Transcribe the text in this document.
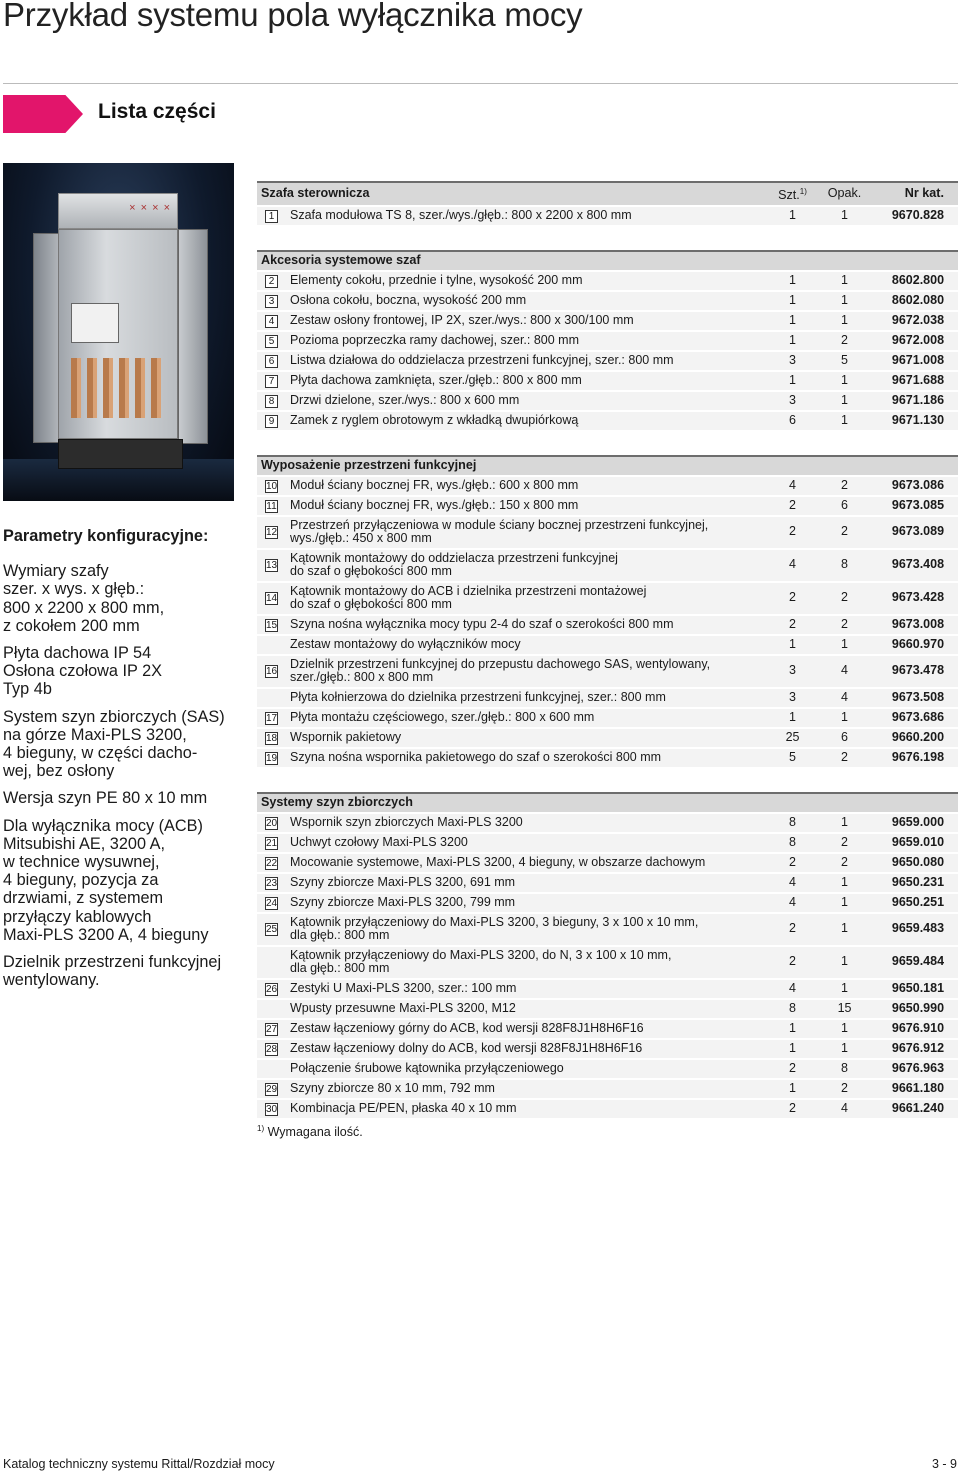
Przykład systemu pola wyłącznika mocy
Lista części
× × × ×
Parametry konfiguracyjne:

Wymiary szafy
szer. x wys. x głęb.:
800 x 2200 x 800 mm,
z cokołem 200 mm

Płyta dachowa IP 54
Osłona czołowa IP 2X
Typ 4b

System szyn zbiorczych (SAS)
na górze Maxi-PLS 3200,
4 bieguny, w części dacho-
wej, bez osłony

Wersja szyn PE 80 x 10 mm

Dla wyłącznika mocy (ACB)
Mitsubishi AE, 3200 A,
w technice wysuwnej,
4 bieguny, pozycja za
drzwiami, z systemem
przyłączy kablowych
Maxi-PLS 3200 A, 4 bieguny

Dzielnik przestrzeni funkcyjnej
wentylowany.

Szafa sterownicza		Szt.$^{1)}$	Opak.	Nr kat.
1	Szafa modułowa TS 8, szer./wys./głęb.: 800 x 2200 x 800 mm	1	1	9670.828
Akcesoria systemowe szaf				
2	Elementy cokołu, przednie i tylne, wysokość 200 mm	1	1	8602.800
3	Osłona cokołu, boczna, wysokość 200 mm	1	1	8602.080
4	Zestaw osłony frontowej, IP 2X, szer./wys.: 800 x 300/100 mm	1	1	9672.038
5	Pozioma poprzeczka ramy dachowej, szer.: 800 mm	1	2	9672.008
6	Listwa działowa do oddzielacza przestrzeni funkcyjnej, szer.: 800 mm	3	5	9671.008
7	Płyta dachowa zamknięta, szer./głęb.: 800 x 800 mm	1	1	9671.688
8	Drzwi dzielone, szer./wys.: 800 x 600 mm	3	1	9671.186
9	Zamek z ryglem obrotowym z wkładką dwupiórkową	6	1	9671.130
Wyposażenie przestrzeni funkcyjnej				
10	Moduł ściany bocznej FR, wys./głęb.: 600 x 800 mm	4	2	9673.086
11	Moduł ściany bocznej FR, wys./głęb.: 150 x 800 mm	2	6	9673.085
12	Przestrzeń przyłączeniowa w module ściany bocznej przestrzeni funkcyjnej,
wys./głęb.: 450 x 800 mm	2	2	9673.089
13	Kątownik montażowy do oddzielacza przestrzeni funkcyjnej
do szaf o głębokości 800 mm	4	8	9673.408
14	Kątownik montażowy do ACB i dzielnika przestrzeni montażowej
do szaf o głębokości 800 mm	2	2	9673.428
15	Szyna nośna wyłącznika mocy typu 2-4 do szaf o szerokości 800 mm	2	2	9673.008
	Zestaw montażowy do wyłączników mocy	1	1	9660.970
16	Dzielnik przestrzeni funkcyjnej do przepustu dachowego SAS, wentylowany,
szer./głęb.: 800 x 800 mm	3	4	9673.478
	Płyta kołnierzowa do dzielnika przestrzeni funkcyjnej, szer.: 800 mm	3	4	9673.508
17	Płyta montażu częściowego, szer./głęb.: 800 x 600 mm	1	1	9673.686
18	Wspornik pakietowy	25	6	9660.200
19	Szyna nośna wspornika pakietowego do szaf o szerokości 800 mm	5	2	9676.198
Systemy szyn zbiorczych				
20	Wspornik szyn zbiorczych Maxi-PLS 3200	8	1	9659.000
21	Uchwyt czołowy Maxi-PLS 3200	8	2	9659.010
22	Mocowanie systemowe, Maxi-PLS 3200, 4 bieguny, w obszarze dachowym	2	2	9650.080
23	Szyny zbiorcze Maxi-PLS 3200, 691 mm	4	1	9650.231
24	Szyny zbiorcze Maxi-PLS 3200, 799 mm	4	1	9650.251
25	Kątownik przyłączeniowy do Maxi-PLS 3200, 3 bieguny, 3 x 100 x 10 mm,
dla głęb.: 800 mm	2	1	9659.483
	Kątownik przyłączeniowy do Maxi-PLS 3200, do N, 3 x 100 x 10 mm,
dla głęb.: 800 mm	2	1	9659.484
26	Zestyki U Maxi-PLS 3200, szer.: 100 mm	4	1	9650.181
	Wpusty przesuwne Maxi-PLS 3200, M12	8	15	9650.990
27	Zestaw łączeniowy górny do ACB, kod wersji 828F8J1H8H6F16	1	1	9676.910
28	Zestaw łączeniowy dolny do ACB, kod wersji 828F8J1H8H6F16	1	1	9676.912
	Połączenie śrubowe kątownika przyłączeniowego	2	8	9676.963
29	Szyny zbiorcze 80 x 10 mm, 792 mm	1	2	9661.180
30	Kombinacja PE/PEN, płaska 40 x 10 mm	2	4	9661.240
$^{1)}$ Wymagana ilość.
Katalog techniczny systemu Rittal/Rozdział mocy	3 - 9
